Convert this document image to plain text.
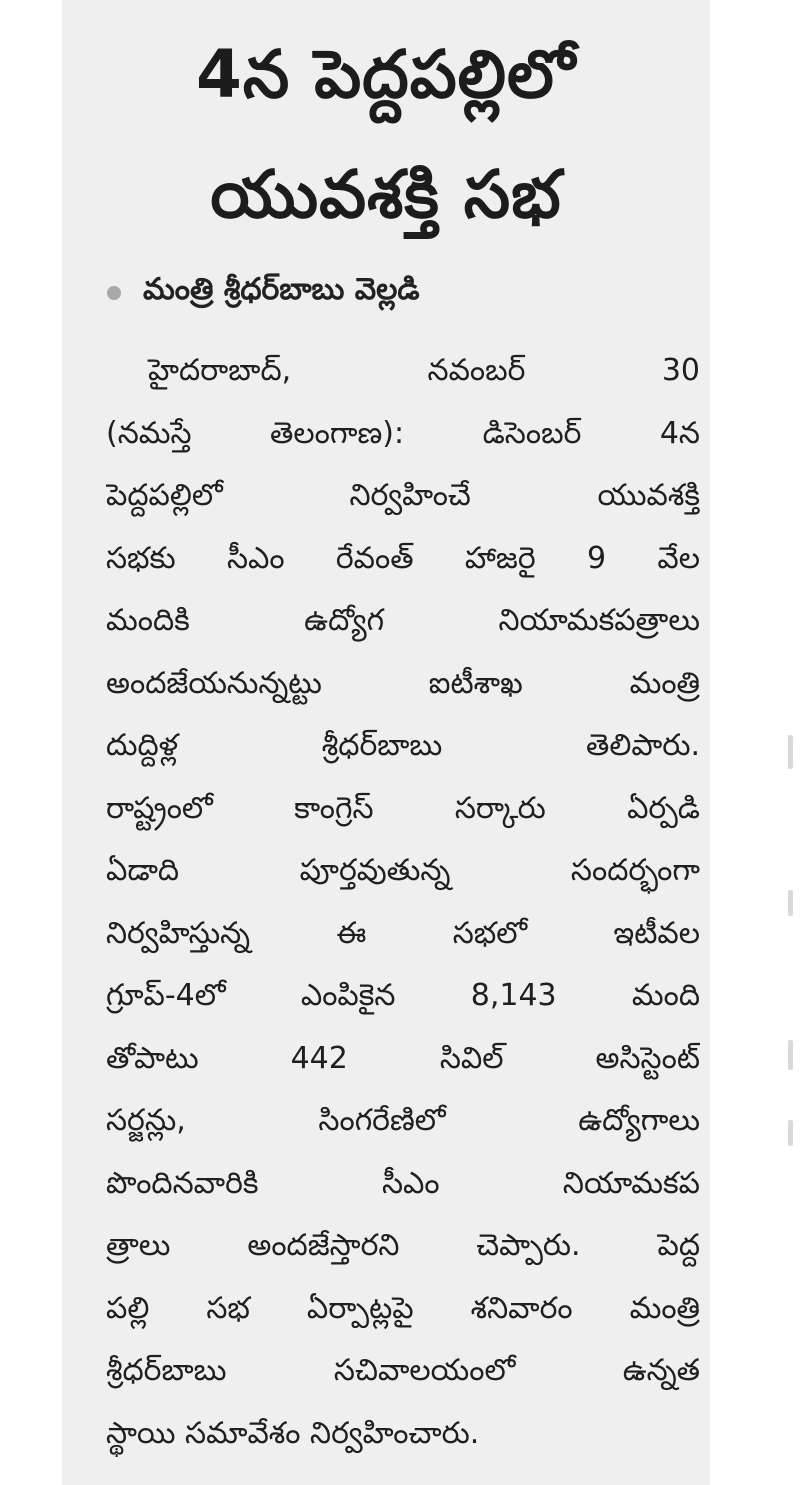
4న పెద్దపల్లిలో
యువశక్తి సభ
మంత్రి శ్రీధర్‌బాబు వెల్లడి
హైదరాబాద్, నవంబర్ 30
(నమస్తే తెలంగాణ): డిసెంబర్ 4న
పెద్దపల్లిలో నిర్వహించే యువశక్తి
సభకు సీఎం రేవంత్ హాజరై 9 వేల
మందికి ఉద్యోగ నియామకపత్రాలు
అందజేయనున్నట్టు ఐటీశాఖ మంత్రి
దుద్దిళ్ల శ్రీధర్‌బాబు తెలిపారు.
రాష్ట్రంలో కాంగ్రెస్ సర్కారు ఏర్పడి
ఏడాది పూర్తవుతున్న సందర్భంగా
నిర్వహిస్తున్న ఈ సభలో ఇటీవల
గ్రూప్-4లో ఎంపికైన 8,143 మంది
తోపాటు 442 సివిల్ అసిస్టెంట్
సర్జన్లు, సింగరేణిలో ఉద్యోగాలు
పొందినవారికి సీఎం నియామకప
త్రాలు అందజేస్తారని చెప్పారు. పెద్ద
పల్లి సభ ఏర్పాట్లపై శనివారం మంత్రి
శ్రీధర్‌బాబు సచివాలయంలో ఉన్నత
స్థాయి సమావేశం నిర్వహించారు.
